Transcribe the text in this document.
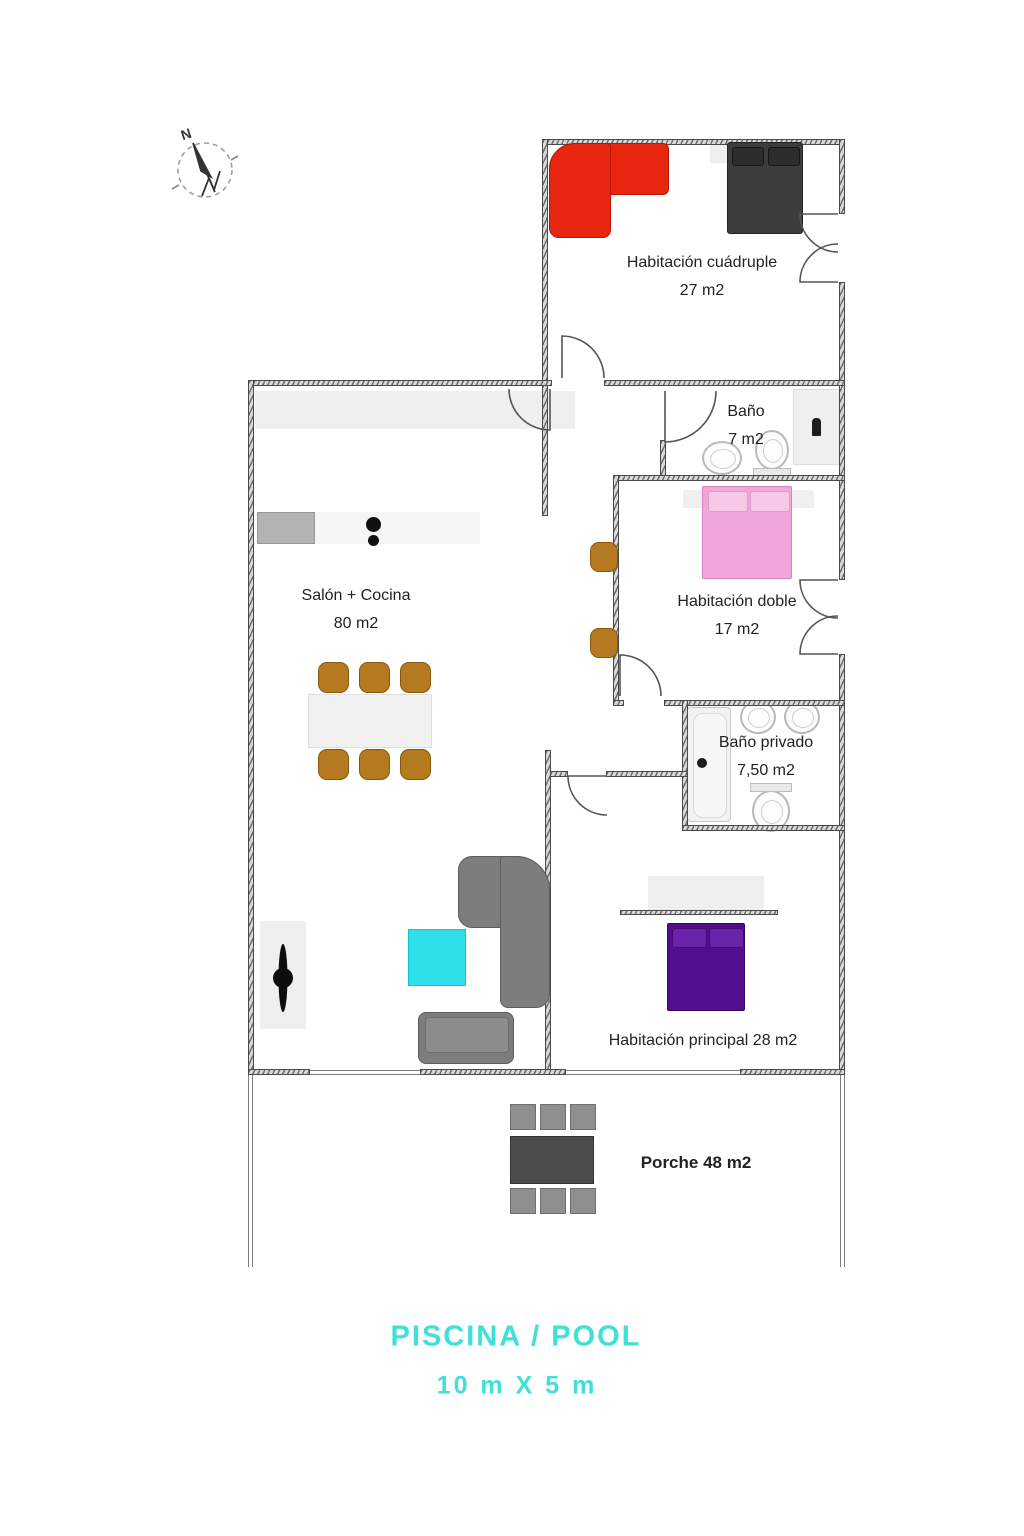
N
Habitación cuádruple
27 m2
Baño
7 m2
Habitación doble
17 m2
Baño privado
7,50 m2
Salón + Cocina
80 m2
Habitación principal 28 m2
Porche 48 m2
PISCINA / POOL
10 m X 5 m
